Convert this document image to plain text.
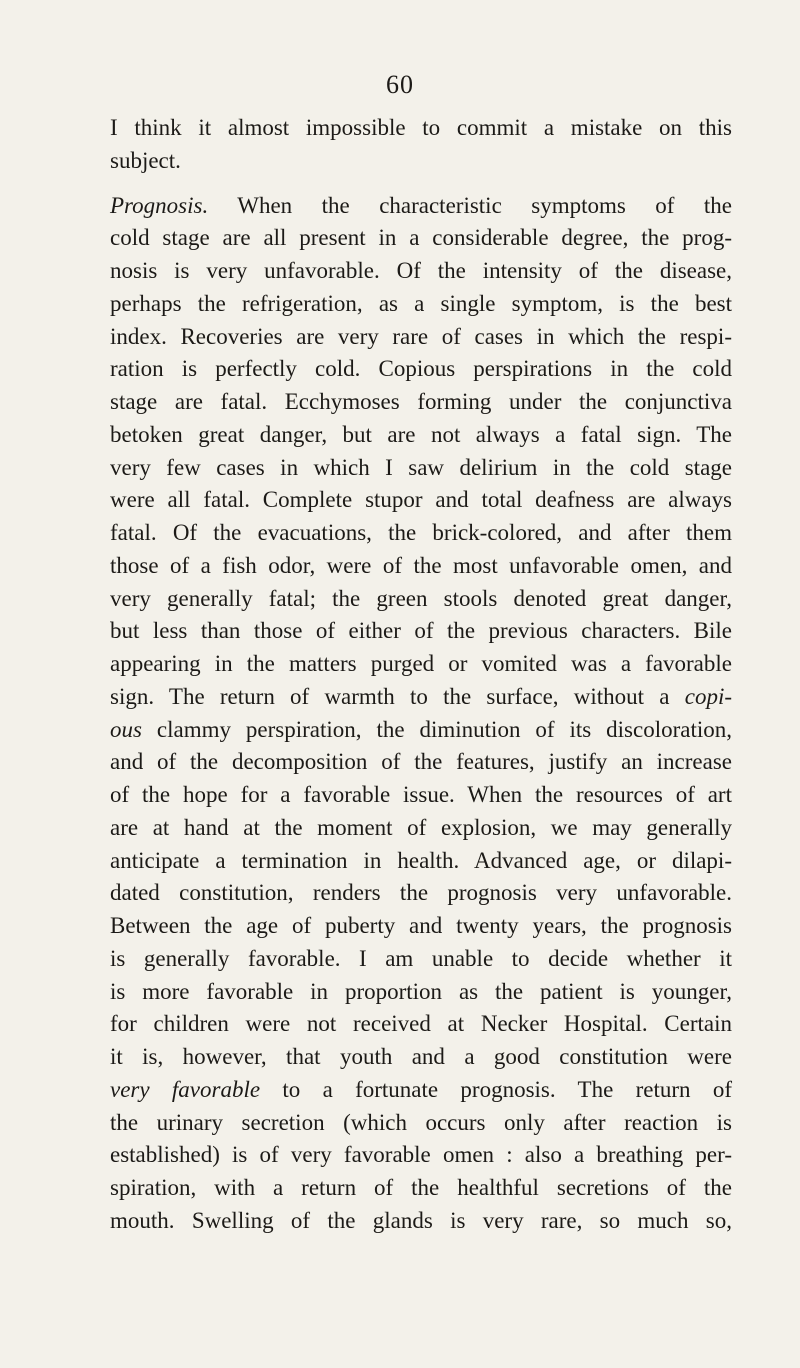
60
I think it almost impossible to commit a mistake on this
subject.
Prognosis. When the characteristic symptoms of the
cold stage are all present in a considerable degree, the prog-
nosis is very unfavorable. Of the intensity of the disease,
perhaps the refrigeration, as a single symptom, is the best
index. Recoveries are very rare of cases in which the respi-
ration is perfectly cold. Copious perspirations in the cold
stage are fatal. Ecchymoses forming under the conjunctiva
betoken great danger, but are not always a fatal sign. The
very few cases in which I saw delirium in the cold stage
were all fatal. Complete stupor and total deafness are always
fatal. Of the evacuations, the brick-colored, and after them
those of a fish odor, were of the most unfavorable omen, and
very generally fatal; the green stools denoted great danger,
but less than those of either of the previous characters. Bile
appearing in the matters purged or vomited was a favorable
sign. The return of warmth to the surface, without a copi-
ous clammy perspiration, the diminution of its discoloration,
and of the decomposition of the features, justify an increase
of the hope for a favorable issue. When the resources of art
are at hand at the moment of explosion, we may generally
anticipate a termination in health. Advanced age, or dilapi-
dated constitution, renders the prognosis very unfavorable.
Between the age of puberty and twenty years, the prognosis
is generally favorable. I am unable to decide whether it
is more favorable in proportion as the patient is younger,
for children were not received at Necker Hospital. Certain
it is, however, that youth and a good constitution were
very favorable to a fortunate prognosis. The return of
the urinary secretion (which occurs only after reaction is
established) is of very favorable omen : also a breathing per-
spiration, with a return of the healthful secretions of the
mouth. Swelling of the glands is very rare, so much so,
